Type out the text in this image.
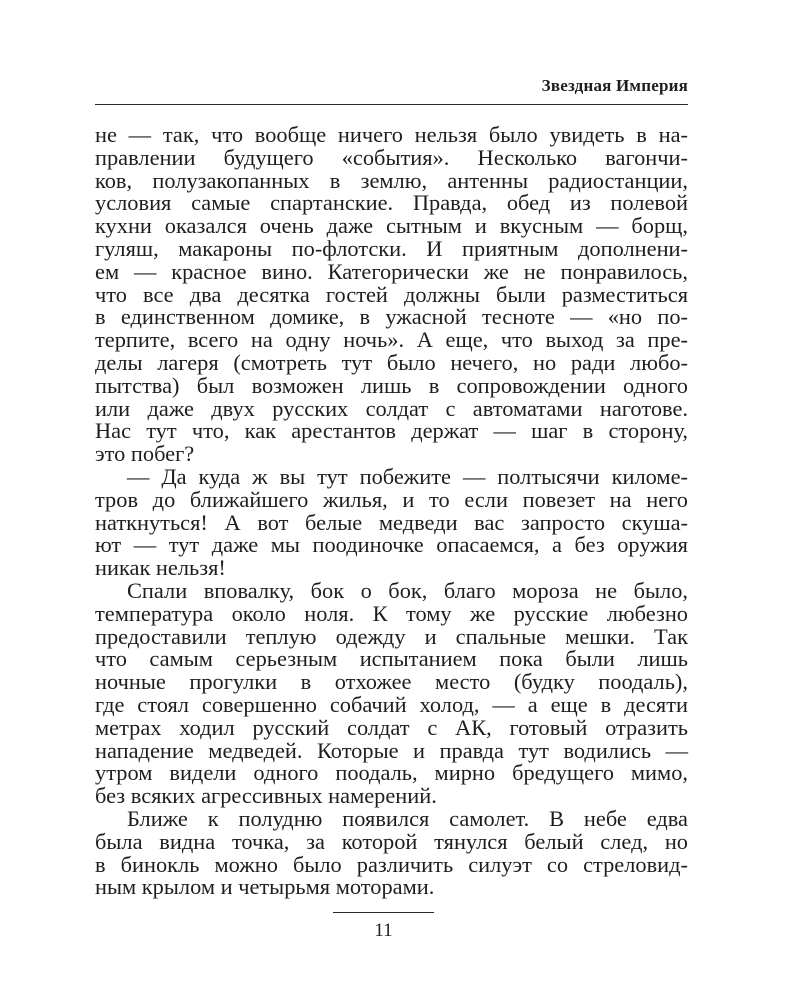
Звездная Империя
не — так, что вообще ничего нельзя было увидеть в на-
правлении будущего «события». Несколько вагончи-
ков, полузакопанных в землю, антенны радиостанции,
условия самые спартанские. Правда, обед из полевой
кухни оказался очень даже сытным и вкусным — борщ,
гуляш, макароны по-флотски. И приятным дополнени-
ем — красное вино. Категорически же не понравилось,
что все два десятка гостей должны были разместиться
в единственном домике, в ужасной тесноте — «но по-
терпите, всего на одну ночь». А еще, что выход за пре-
делы лагеря (смотреть тут было нечего, но ради любо-
пытства) был возможен лишь в сопровождении одного
или даже двух русских солдат с автоматами наготове.
Нас тут что, как арестантов держат — шаг в сторону,
это побег?
— Да куда ж вы тут побежите — полтысячи киломе-
тров до ближайшего жилья, и то если повезет на него
наткнуться! А вот белые медведи вас запросто скуша-
ют — тут даже мы поодиночке опасаемся, а без оружия
никак нельзя!
Спали вповалку, бок о бок, благо мороза не было,
температура около ноля. К тому же русские любезно
предоставили теплую одежду и спальные мешки. Так
что самым серьезным испытанием пока были лишь
ночные прогулки в отхожее место (будку поодаль),
где стоял совершенно собачий холод, — а еще в десяти
метрах ходил русский солдат с АК, готовый отразить
нападение медведей. Которые и правда тут водились —
утром видели одного поодаль, мирно бредущего мимо,
без всяких агрессивных намерений.
Ближе к полудню появился самолет. В небе едва
была видна точка, за которой тянулся белый след, но
в бинокль можно было различить силуэт со стреловид-
ным крылом и четырьмя моторами.
11
